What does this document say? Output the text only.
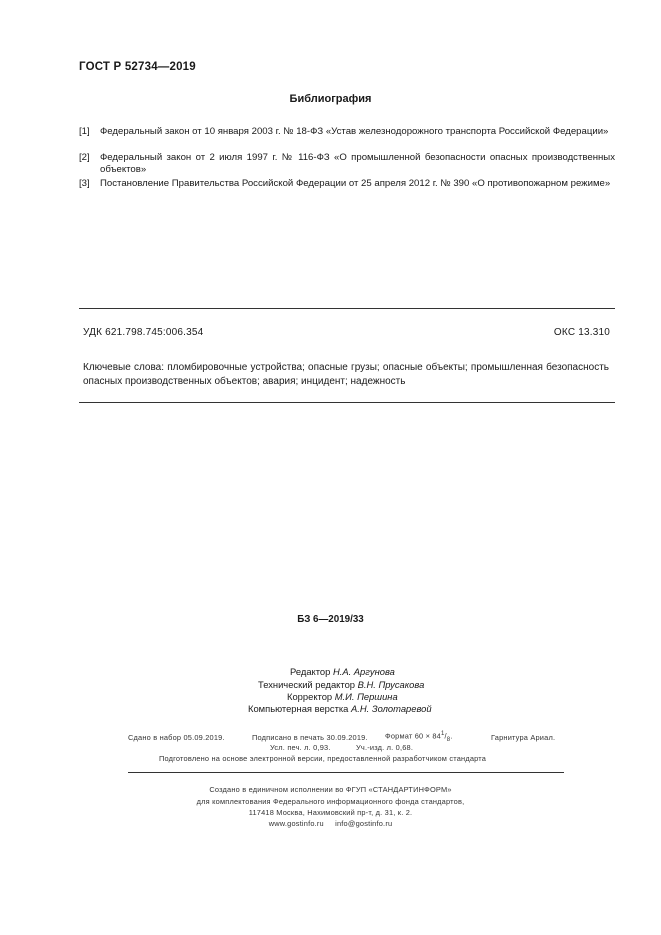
ГОСТ Р 52734—2019
Библиография
[1] Федеральный закон от 10 января 2003 г. № 18-ФЗ «Устав железнодорожного транспорта Российской Федерации»
[2] Федеральный закон от 2 июля 1997 г. № 116-ФЗ «О промышленной безопасности опасных производственных объектов»
[3] Постановление Правительства Российской Федерации от 25 апреля 2012 г. № 390 «О противопожарном режиме»
УДК 621.798.745:006.354	ОКС 13.310
Ключевые слова: пломбировочные устройства; опасные грузы; опасные объекты; промышленная безопасность опасных производственных объектов; авария; инцидент; надежность
БЗ 6—2019/33
Редактор Н.А. Аргунова
Технический редактор В.Н. Прусакова
Корректор М.И. Першина
Компьютерная верстка А.Н. Золотаревой
Сдано в набор 05.09.2019.	Подписано в печать 30.09.2019. Формат $60 \times 84^1/_8$.	Гарнитура Ариал.
Усл. печ. л. 0,93.	Уч.-изд. л. 0,68.
Подготовлено на основе электронной версии, предоставленной разработчиком стандарта
Создано в единичном исполнении во ФГУП «СТАНДАРТИНФОРМ»
для комплектования Федерального информационного фонда стандартов,
117418 Москва, Нахимовский пр-т, д. 31, к. 2.
www.gostinfo.ru info@gostinfo.ru
